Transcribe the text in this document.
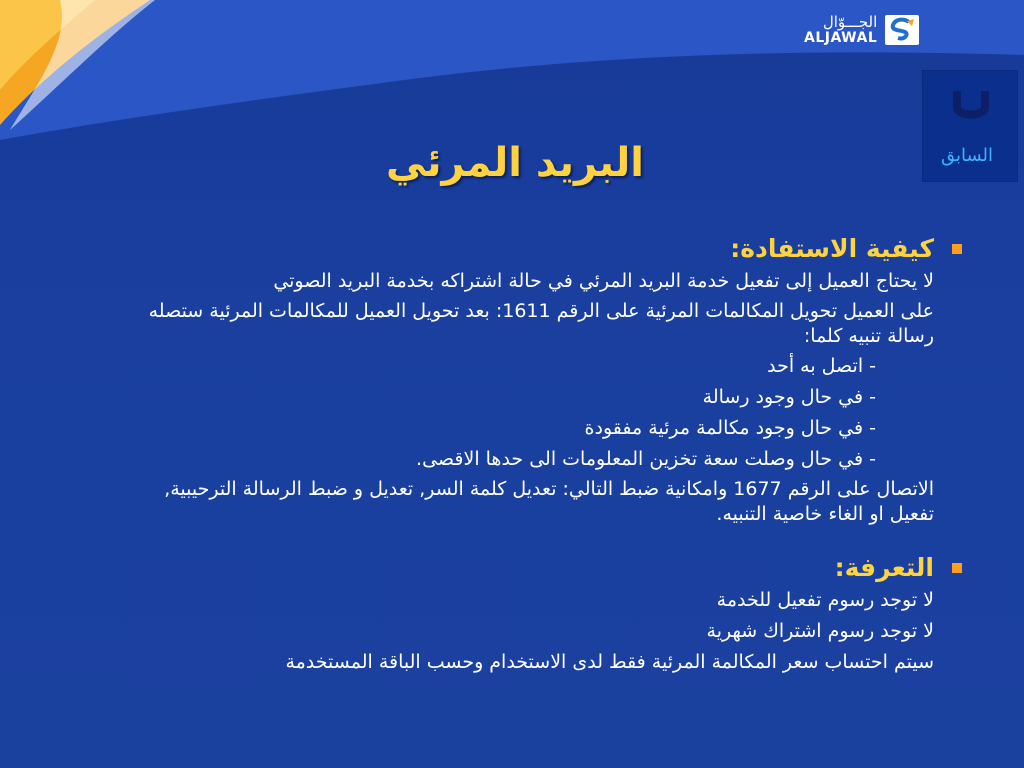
الجـــوّال
ALJAWAL
السابق
البريد المرئي
كيفية الاستفادة:
لا يحتاج العميل إلى تفعيل خدمة البريد المرئي في حالة اشتراكه بخدمة البريد الصوتي
على العميل تحويل المكالمات المرئية على الرقم 1611: بعد تحويل العميل للمكالمات المرئية ستصله رسالة تنبيه كلما:
- اتصل به أحد
- في حال وجود رسالة
- في حال وجود مكالمة مرئية مفقودة
- في حال وصلت سعة تخزين المعلومات الى حدها الاقصى.
الاتصال على الرقم 1677 وامكانية ضبط التالي: تعديل كلمة السر, تعديل و ضبط الرسالة الترحيبية, تفعيل او الغاء خاصية التنبيه.
التعرفة:
لا توجد رسوم تفعيل للخدمة
لا توجد رسوم اشتراك شهرية
سيتم احتساب سعر المكالمة المرئية فقط لدى الاستخدام وحسب الباقة المستخدمة
